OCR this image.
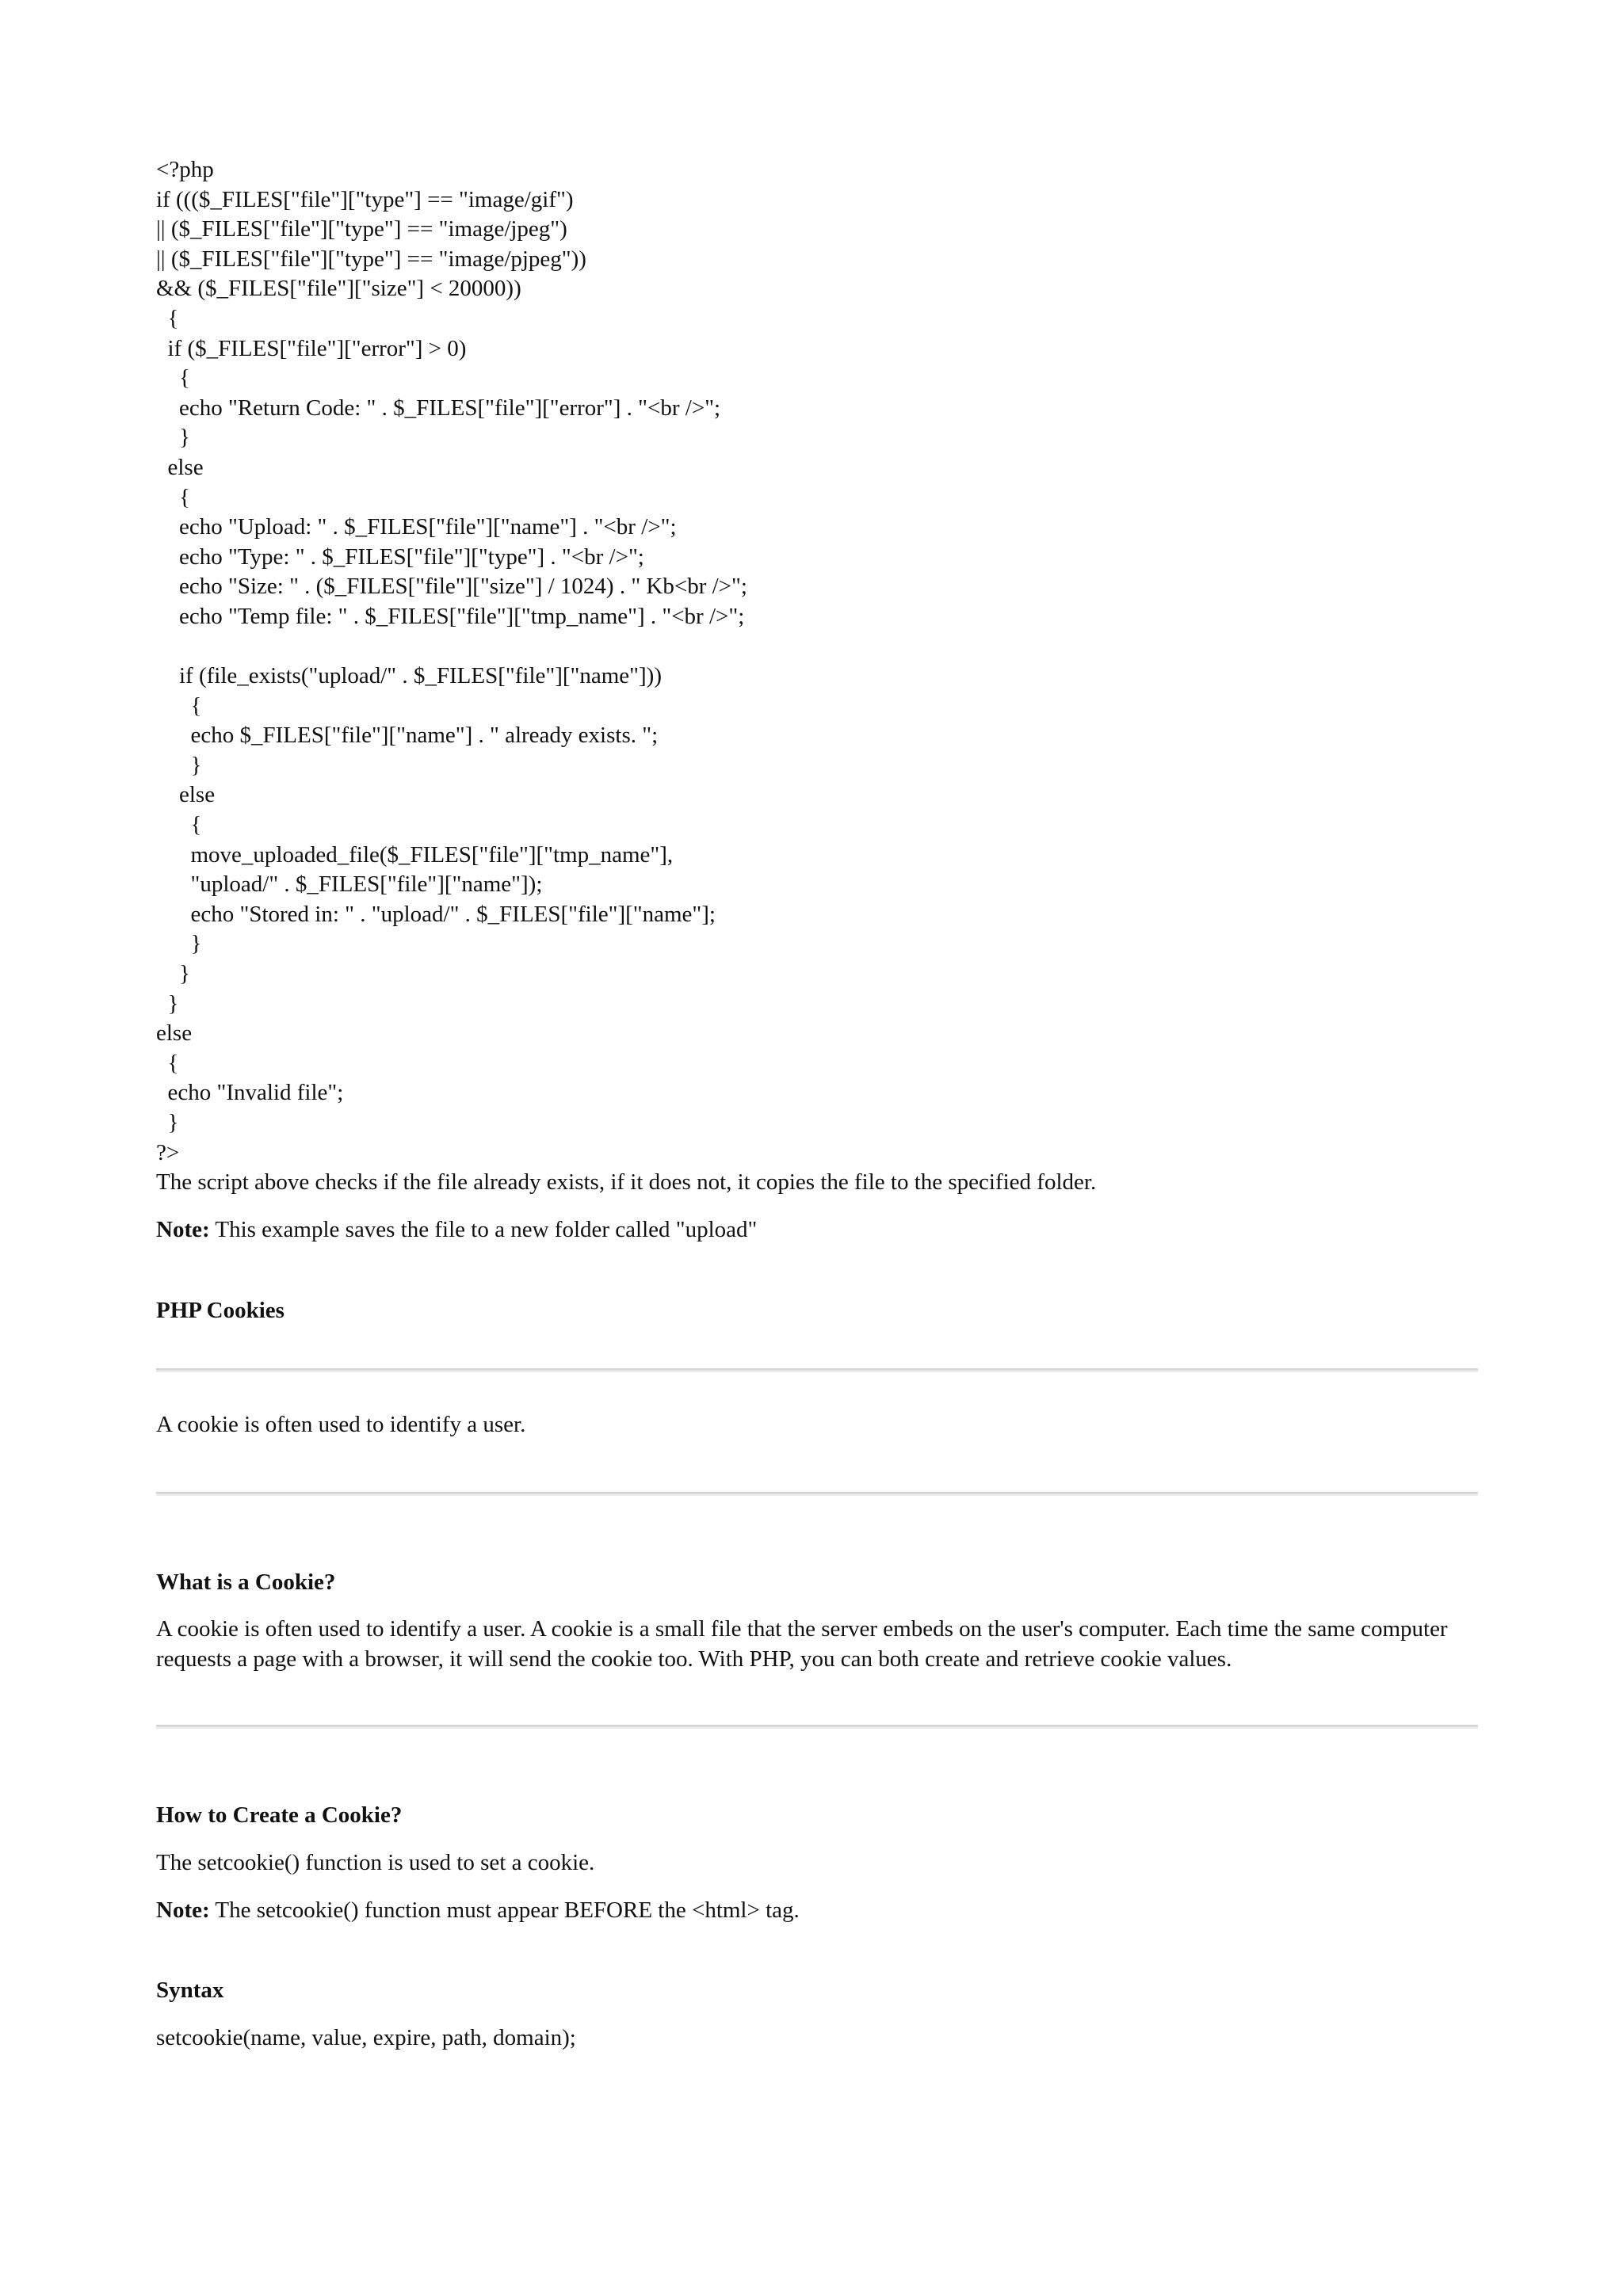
<?php
if ((($_FILES["file"]["type"] == "image/gif")
|| ($_FILES["file"]["type"] == "image/jpeg")
|| ($_FILES["file"]["type"] == "image/pjpeg"))
&& ($_FILES["file"]["size"] < 20000))
{
if ($_FILES["file"]["error"] > 0)
{
echo "Return Code: " . $_FILES["file"]["error"] . "<br />";
}
else
{
echo "Upload: " . $_FILES["file"]["name"] . "<br />";
echo "Type: " . $_FILES["file"]["type"] . "<br />";
echo "Size: " . ($_FILES["file"]["size"] / 1024) . " Kb<br />";
echo "Temp file: " . $_FILES["file"]["tmp_name"] . "<br />";
if (file_exists("upload/" . $_FILES["file"]["name"]))
{
echo $_FILES["file"]["name"] . " already exists. ";
}
else
{
move_uploaded_file($_FILES["file"]["tmp_name"],
"upload/" . $_FILES["file"]["name"]);
echo "Stored in: " . "upload/" . $_FILES["file"]["name"];
}
}
}
else
{
echo "Invalid file";
}
?>

The script above checks if the file already exists, if it does not, it copies the file to the specified folder.

Note: This example saves the file to a new folder called "upload"

PHP Cookies

A cookie is often used to identify a user.

What is a Cookie?

A cookie is often used to identify a user. A cookie is a small file that the server embeds on the user's computer. Each time the same computer requests a page with a browser, it will send the cookie too. With PHP, you can both create and retrieve cookie values.

How to Create a Cookie?

The setcookie() function is used to set a cookie.

Note: The setcookie() function must appear BEFORE the <html> tag.

Syntax

setcookie(name, value, expire, path, domain);
